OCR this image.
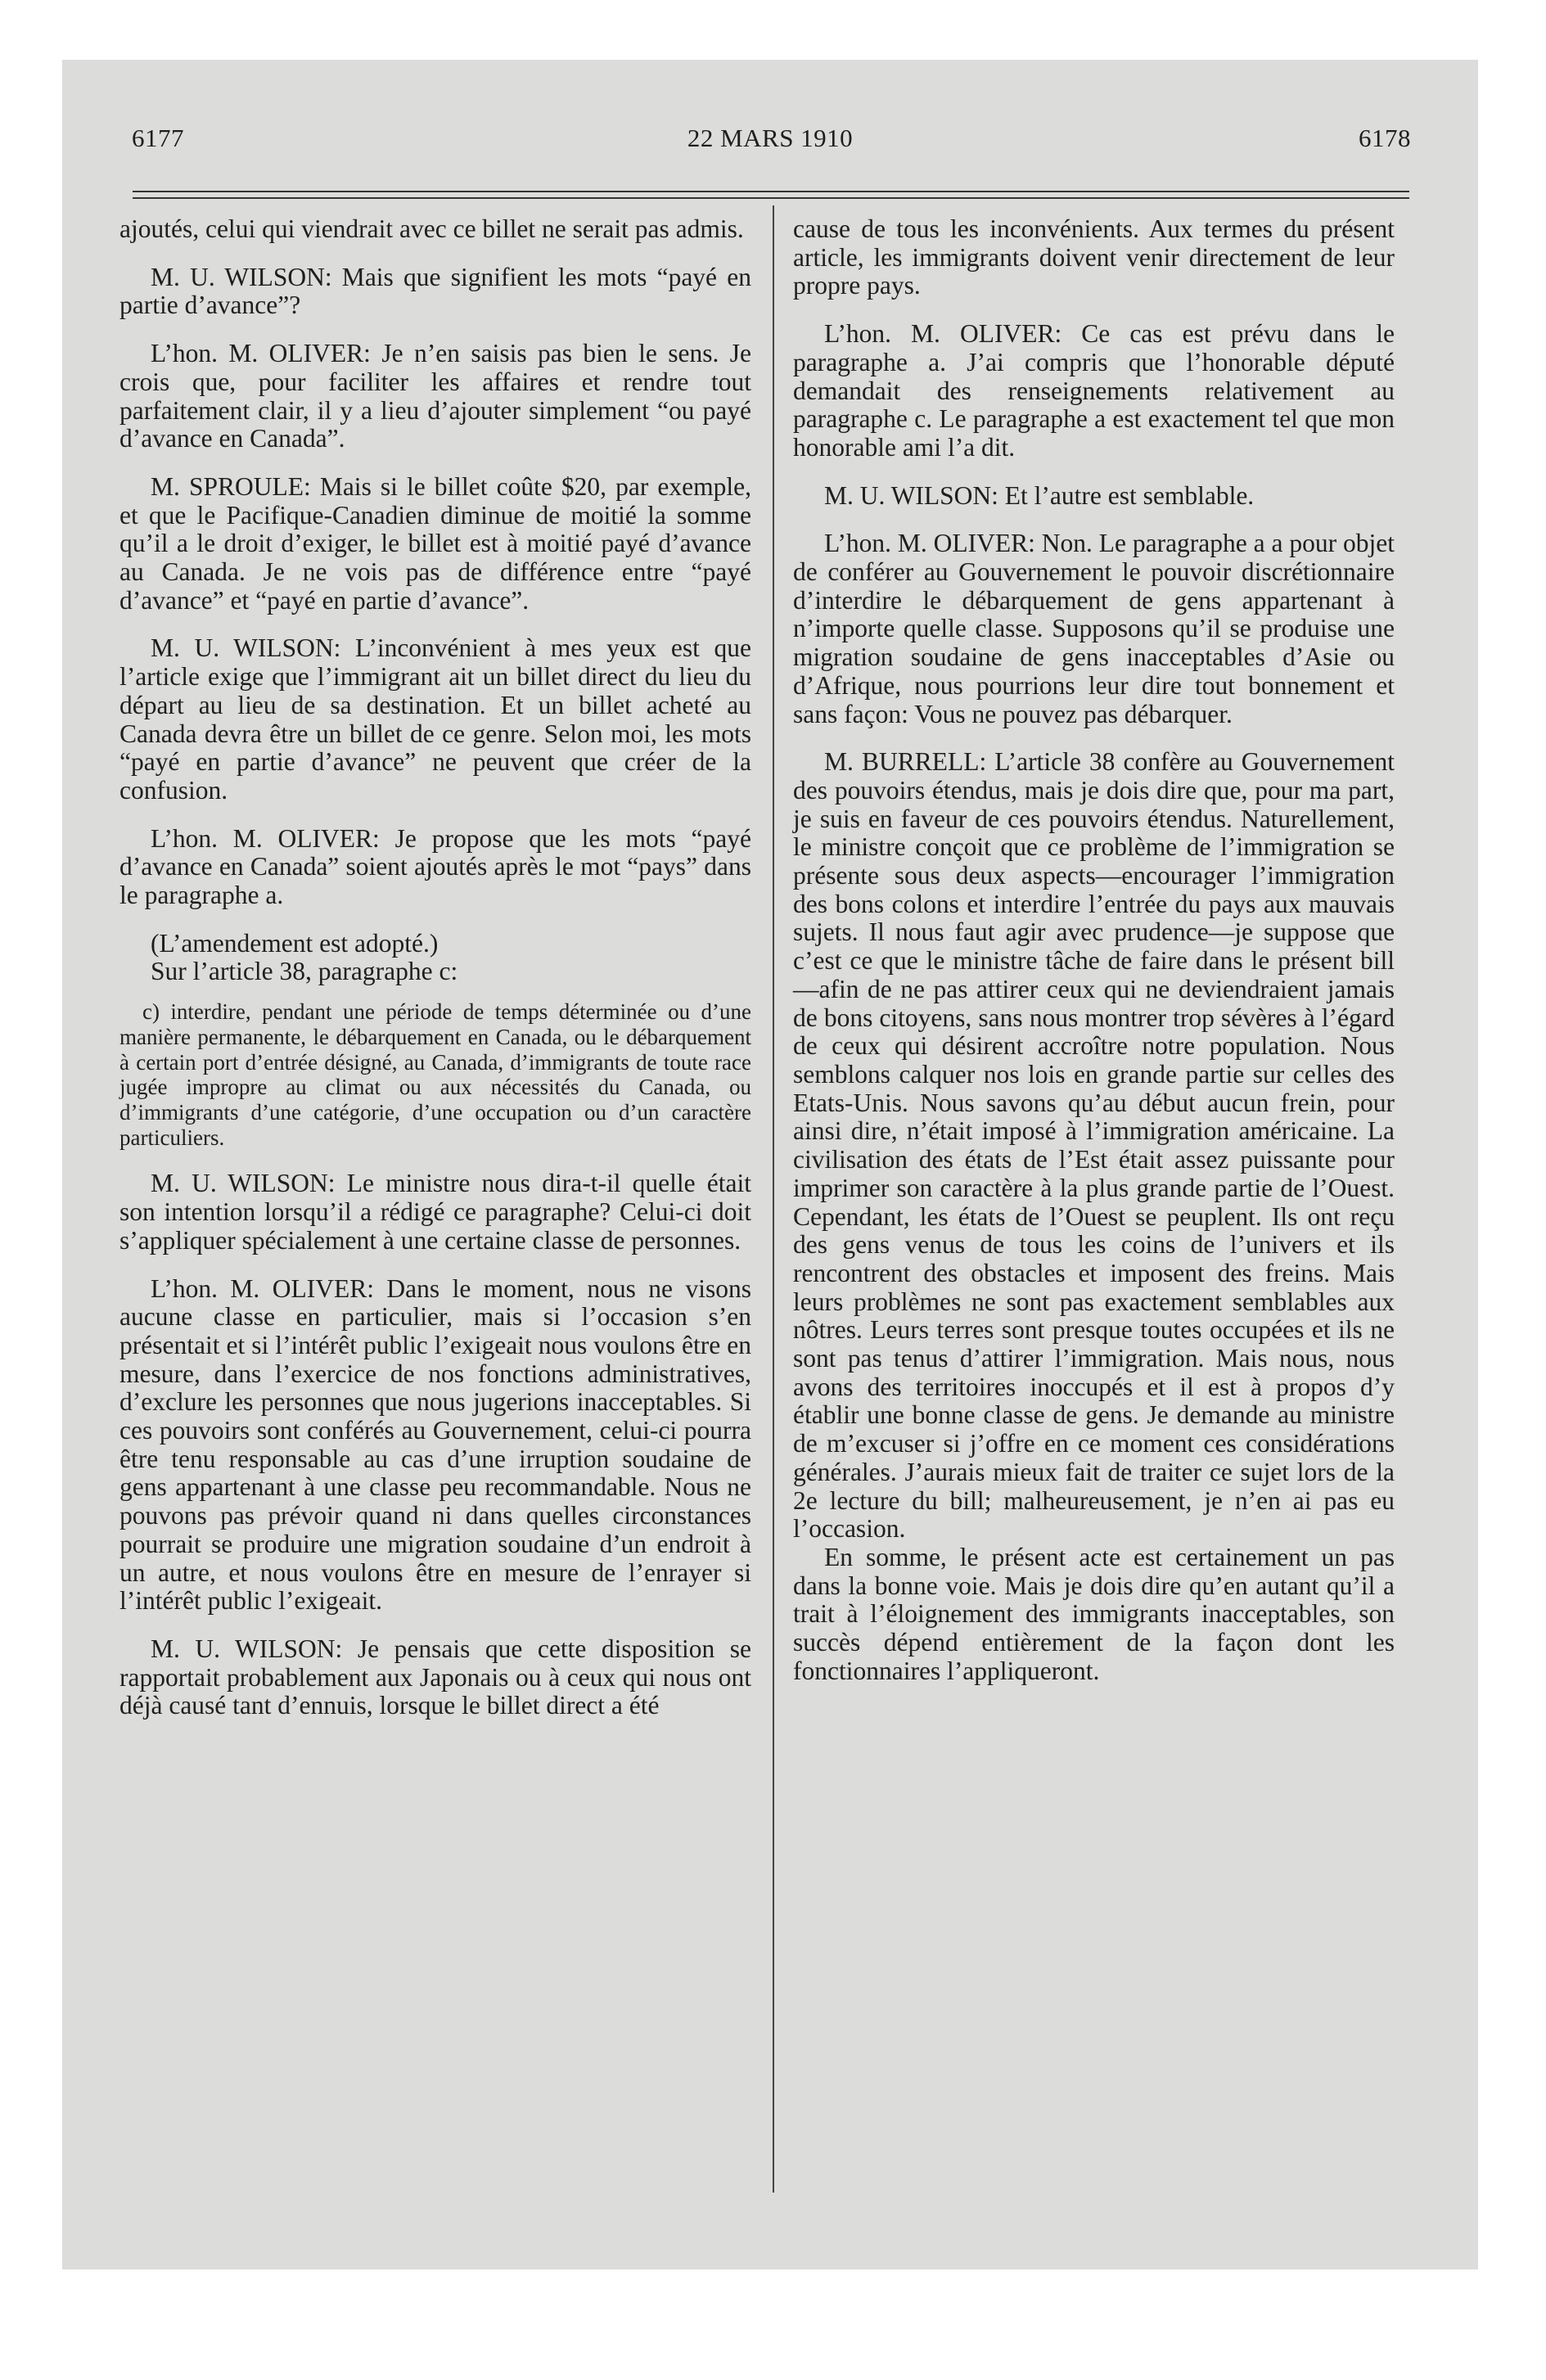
6177	22 MARS 1910	6178

ajoutés, celui qui viendrait avec ce billet ne serait pas admis.

M. U. WILSON: Mais que signifient les mots “payé en partie d’avance”?

L’hon. M. OLIVER: Je n’en saisis pas bien le sens. Je crois que, pour faciliter les affaires et rendre tout parfaitement clair, il y a lieu d’ajouter simplement “ou payé d’avance en Canada”.

M. SPROULE: Mais si le billet coûte $20, par exemple, et que le Pacifique-Canadien diminue de moitié la somme qu’il a le droit d’exiger, le billet est à moitié payé d’avance au Canada. Je ne vois pas de différence entre “payé d’avance” et “payé en partie d’avance”.

M. U. WILSON: L’inconvénient à mes yeux est que l’article exige que l’immigrant ait un billet direct du lieu du départ au lieu de sa destination. Et un billet acheté au Canada devra être un billet de ce genre. Selon moi, les mots “payé en partie d’avance” ne peuvent que créer de la confusion.

L’hon. M. OLIVER: Je propose que les mots “payé d’avance en Canada” soient ajoutés après le mot “pays” dans le paragraphe a.

(L’amendement est adopté.)

Sur l’article 38, paragraphe c:

c) interdire, pendant une période de temps déterminée ou d’une manière permanente, le débarquement en Canada, ou le débarquement à certain port d’entrée désigné, au Canada, d’immigrants de toute race jugée impropre au climat ou aux nécessités du Canada, ou d’immigrants d’une catégorie, d’une occupation ou d’un caractère particuliers.

M. U. WILSON: Le ministre nous dira-t-il quelle était son intention lorsqu’il a rédigé ce paragraphe? Celui-ci doit s’appliquer spécialement à une certaine classe de personnes.

L’hon. M. OLIVER: Dans le moment, nous ne visons aucune classe en particulier, mais si l’occasion s’en présentait et si l’intérêt public l’exigeait nous voulons être en mesure, dans l’exercice de nos fonctions administratives, d’exclure les personnes que nous jugerions inacceptables. Si ces pouvoirs sont conférés au Gouvernement, celui-ci pourra être tenu responsable au cas d’une irruption soudaine de gens appartenant à une classe peu recommandable. Nous ne pouvons pas prévoir quand ni dans quelles circonstances pourrait se produire une migration soudaine d’un endroit à un autre, et nous voulons être en mesure de l’enrayer si l’intérêt public l’exigeait.

M. U. WILSON: Je pensais que cette disposition se rapportait probablement aux Japonais ou à ceux qui nous ont déjà causé tant d’ennuis, lorsque le billet direct a été

cause de tous les inconvénients. Aux termes du présent article, les immigrants doivent venir directement de leur propre pays.

L’hon. M. OLIVER: Ce cas est prévu dans le paragraphe a. J’ai compris que l’honorable député demandait des renseignements relativement au paragraphe c. Le paragraphe a est exactement tel que mon honorable ami l’a dit.

M. U. WILSON: Et l’autre est semblable.

L’hon. M. OLIVER: Non. Le paragraphe a a pour objet de conférer au Gouvernement le pouvoir discrétionnaire d’interdire le débarquement de gens appartenant à n’importe quelle classe. Supposons qu’il se produise une migration soudaine de gens inacceptables d’Asie ou d’Afrique, nous pourrions leur dire tout bonnement et sans façon: Vous ne pouvez pas débarquer.

M. BURRELL: L’article 38 confère au Gouvernement des pouvoirs étendus, mais je dois dire que, pour ma part, je suis en faveur de ces pouvoirs étendus. Naturellement, le ministre conçoit que ce problème de l’immigration se présente sous deux aspects—encourager l’immigration des bons colons et interdire l’entrée du pays aux mauvais sujets. Il nous faut agir avec prudence—je suppose que c’est ce que le ministre tâche de faire dans le présent bill—afin de ne pas attirer ceux qui ne deviendraient jamais de bons citoyens, sans nous montrer trop sévères à l’égard de ceux qui désirent accroître notre population. Nous semblons calquer nos lois en grande partie sur celles des Etats-Unis. Nous savons qu’au début aucun frein, pour ainsi dire, n’était imposé à l’immigration américaine. La civilisation des états de l’Est était assez puissante pour imprimer son caractère à la plus grande partie de l’Ouest. Cependant, les états de l’Ouest se peuplent. Ils ont reçu des gens venus de tous les coins de l’univers et ils rencontrent des obstacles et imposent des freins. Mais leurs problèmes ne sont pas exactement semblables aux nôtres. Leurs terres sont presque toutes occupées et ils ne sont pas tenus d’attirer l’immigration. Mais nous, nous avons des territoires inoccupés et il est à propos d’y établir une bonne classe de gens. Je demande au ministre de m’excuser si j’offre en ce moment ces considérations générales. J’aurais mieux fait de traiter ce sujet lors de la 2e lecture du bill; malheureusement, je n’en ai pas eu l’occasion.

En somme, le présent acte est certainement un pas dans la bonne voie. Mais je dois dire qu’en autant qu’il a trait à l’éloignement des immigrants inacceptables, son succès dépend entièrement de la façon dont les fonctionnaires l’appliqueront.
